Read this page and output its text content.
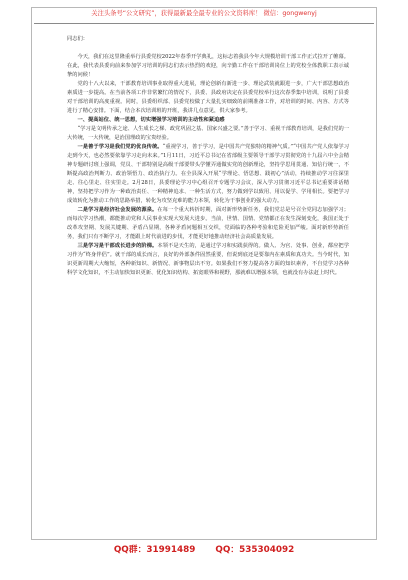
关注头条号“公文研究”，获得最新最全最专业的公文资料库！ 微信：gongwenyj

同志们：

今天，我们在这里隆重举行县委党校2022年春季开学典礼，这标志着我县今年大规模培训干部工作正式拉开了帷幕。在此，我代表县委向前来参加学习培训的同志们表示热烈的欢迎，向辛勤工作在干部培训岗位上的党校全体教职工表示诚挚的问候！

党的十八大以来，干部教育培训事业取得重大进展，理论创新有新进一步、理论武装就跟进一步，广大干部思想政治素质进一步提高。在当前各项工作非常繁忙的情况下，县委、县政府决定在县委党校举行这次春季集中培训，说明了县委对干部培训的高度重视。同时，县委组织部、县委党校做了大量扎实细致的前期准备工作，对培训的时间、内容、方式等进行了精心安排。下面，结合本次培训班的开班，我讲几点意见，供大家参考。

一、提高站位、统一思想，切实增强学习培训的主动性和紧迫感

“学习是文明传承之途、人生成长之梯、政党巩固之基、国家兴盛之要。”善于学习、重视干部教育培训，是我们党的一大传统，一大传统，是治国理政的宝贵经验。

一是善于学习是我们党的优良传统。“重视学习，善于学习，是中国共产党独特的精神气质。”“中国共产党人依靠学习走到今天，也必然要依靠学习走向未来。”1月11日，习近平总书记在省部级主要领导干部学习贯彻党的十九届六中全会精神专题研讨班上强调，党员、干部特别是高级干部要带头学懂弄通做实党的创新理论，坚持学思用贯通、知信行统一，不断提高政治判断力、政治领悟力、政治执行力。在全县深入开展“学理论、悟思想、践初心”活动，持续推动学习往深里走、往心里走、往实里走。2月28日，县委理论学习中心组召开专题学习会议，深入学习贯彻习近平总书记重要讲话精神，坚持把学习作为一种政治责任、一种精神追求、一种生活方式，努力做到学以致用、用以促学、学用相长。要把学习成效转化为推动工作的思路举措，转化为攻坚克难的能力本领，转化为干事创业的强大动力。

二是学习是经济社会发展的源泉。在每一个重大转折时期，面对新形势新任务，我们党总是号召全党同志加强学习；而每次学习热潮，都能推动党和人民事业实现大发展大进步。当前，世情、国情、党情都正在发生深刻变化，我国正处于改革攻坚期、发展关键期、矛盾凸显期，各种矛盾问题相互交织，党面临的各种考验和危险更加严峻。面对新形势新任务，我们只有不断学习，才能跟上时代前进的步伐，才能更好地推动经济社会高质量发展。

三是学习是干部成长进步的阶梯。本领不是天生的，是通过学习和实践获得的。做人、为官、处事、创业，都应把学习作为“终身伴侣”。就干部的成长而言，良好的外部条件固然重要，但说到底还是要靠内在素质和真功夫。当今时代，知识更新周期大大缩短，各种新知识、新情况、新事物层出不穷。如果我们不努力提高各方面的知识素养，不自觉学习各种科学文化知识，不主动加快知识更新、优化知识结构、拓宽眼界和视野，那就难以增强本领，也就没有办法赶上时代。

QQ群：31991489 QQ：535304092
